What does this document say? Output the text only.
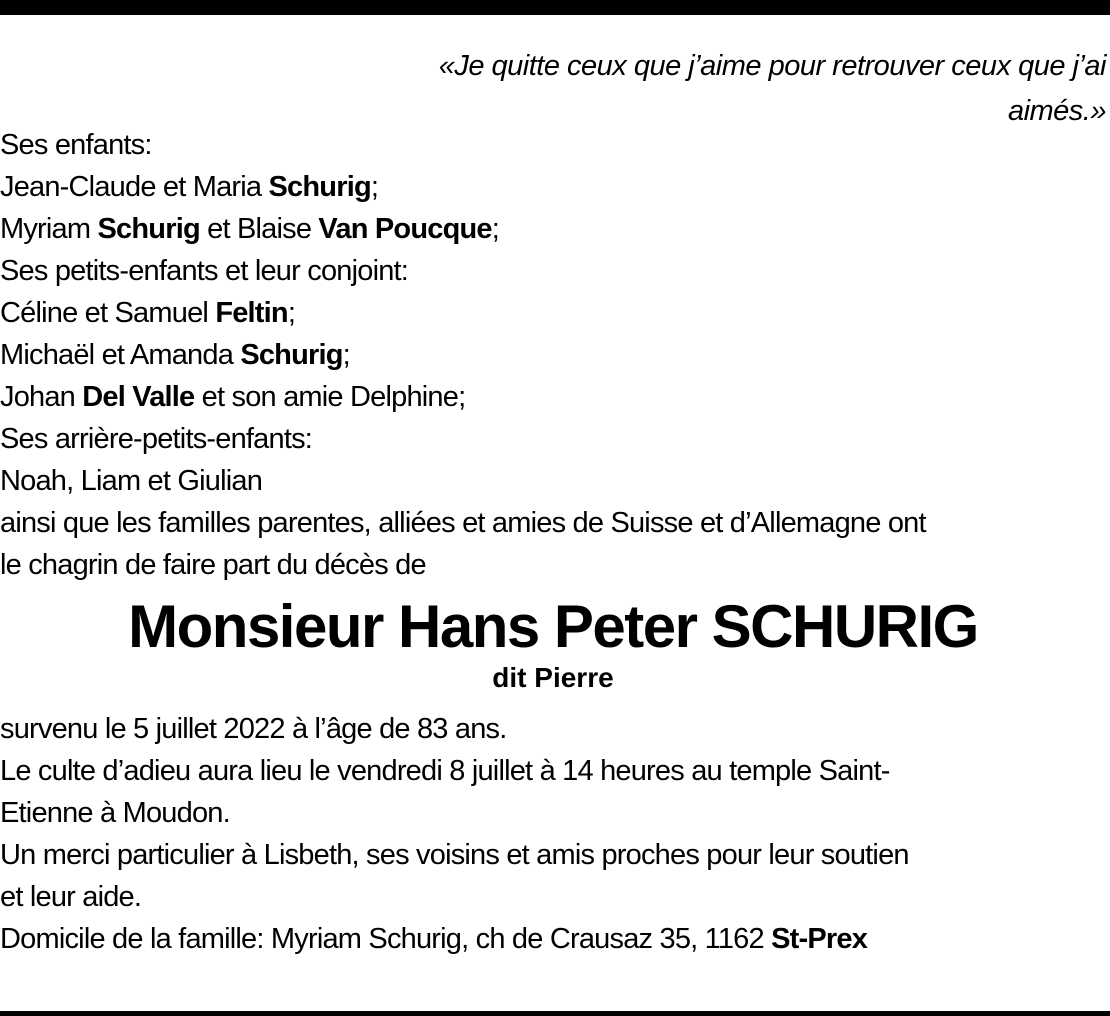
«Je quitte ceux que j’aime pour retrouver ceux que j’ai

aimés.»

Ses enfants:

Jean-Claude et Maria Schurig;

Myriam Schurig et Blaise Van Poucque;

Ses petits-enfants et leur conjoint:

Céline et Samuel Feltin;

Michaël et Amanda Schurig;

Johan Del Valle et son amie Delphine;

Ses arrière-petits-enfants:

Noah, Liam et Giulian

ainsi que les familles parentes, alliées et amies de Suisse et d’Allemagne ont

le chagrin de faire part du décès de

Monsieur Hans Peter SCHURIG
dit Pierre

survenu le 5 juillet 2022 à l’âge de 83 ans.

Le culte d’adieu aura lieu le vendredi 8 juillet à 14 heures au temple Saint-

Etienne à Moudon.

Un merci particulier à Lisbeth, ses voisins et amis proches pour leur soutien

et leur aide.

Domicile de la famille: Myriam Schurig, ch de Crausaz 35, 1162 St-Prex
